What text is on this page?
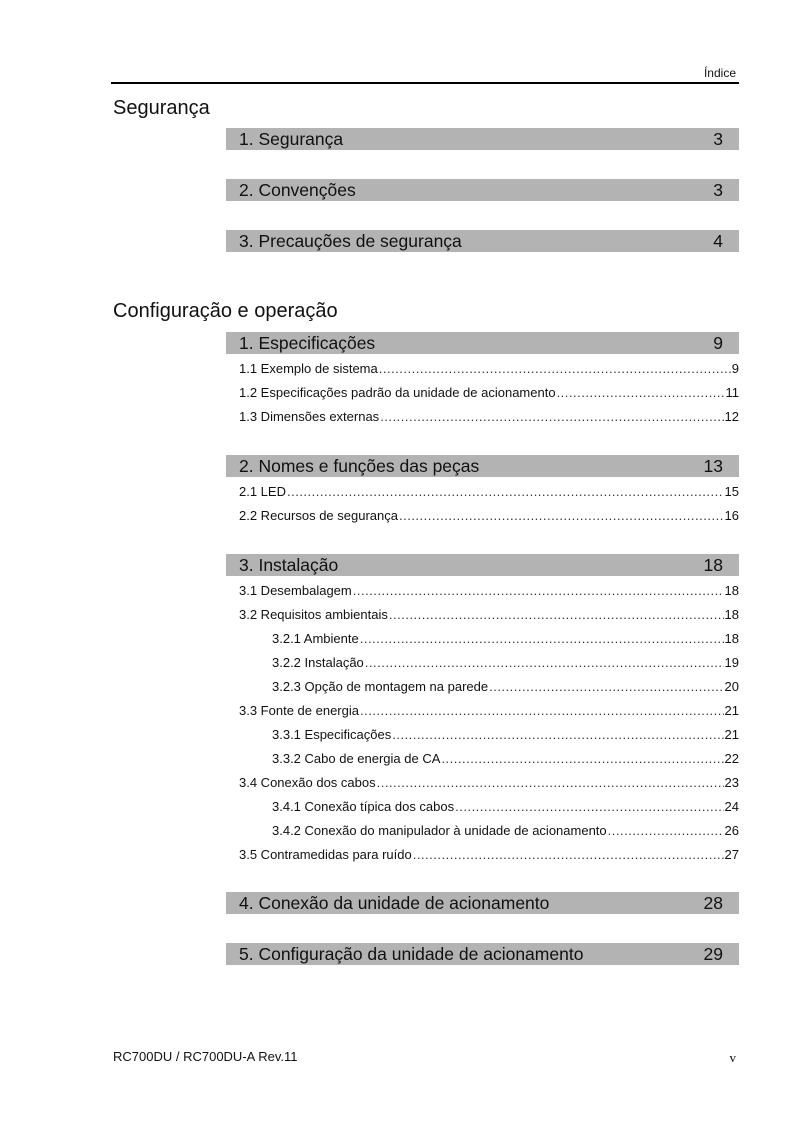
Índice
Segurança
1. Segurança	3
2. Convenções	3
3. Precauções de segurança	4
Configuração e operação
1. Especificações	9
1.1 Exemplo de sistema .....	9
1.2 Especificações padrão da unidade de acionamento .....	11
1.3 Dimensões externas .....	12
2. Nomes e funções das peças	13
2.1 LED .....	15
2.2 Recursos de segurança .....	16
3. Instalação	18
3.1 Desembalagem .....	18
3.2 Requisitos ambientais .....	18
3.2.1 Ambiente .....	18
3.2.2 Instalação .....	19
3.2.3 Opção de montagem na parede .....	20
3.3 Fonte de energia .....	21
3.3.1 Especificações .....	21
3.3.2 Cabo de energia de CA .....	22
3.4 Conexão dos cabos .....	23
3.4.1 Conexão típica dos cabos .....	24
3.4.2 Conexão do manipulador à unidade de acionamento .....	26
3.5 Contramedidas para ruído .....	27
4. Conexão da unidade de acionamento	28
5. Configuração da unidade de acionamento	29
RC700DU / RC700DU-A Rev.11	v
